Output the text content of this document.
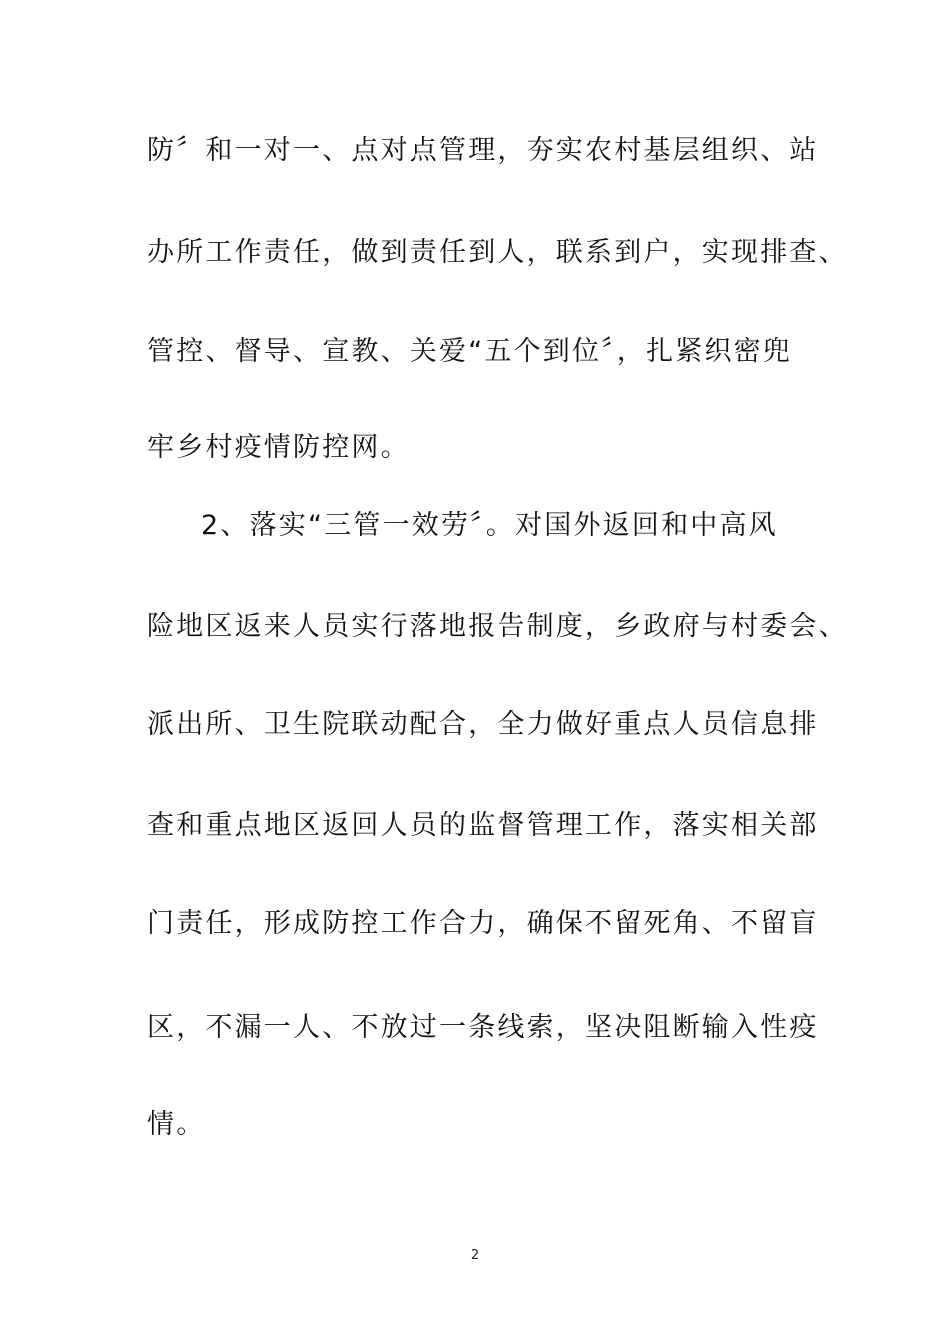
防〞和一对一、点对点管理，夯实农村基层组织、站
办所工作责任，做到责任到人，联系到户，实现排查、
管控、督导、宣教、关爱“五个到位〞，扎紧织密兜
牢乡村疫情防控网。
2、落实“三管一效劳〞。对国外返回和中高风
险地区返来人员实行落地报告制度，乡政府与村委会、
派出所、卫生院联动配合，全力做好重点人员信息排
查和重点地区返回人员的监督管理工作，落实相关部
门责任，形成防控工作合力，确保不留死角、不留盲
区，不漏一人、不放过一条线索，坚决阻断输入性疫
情。
2
